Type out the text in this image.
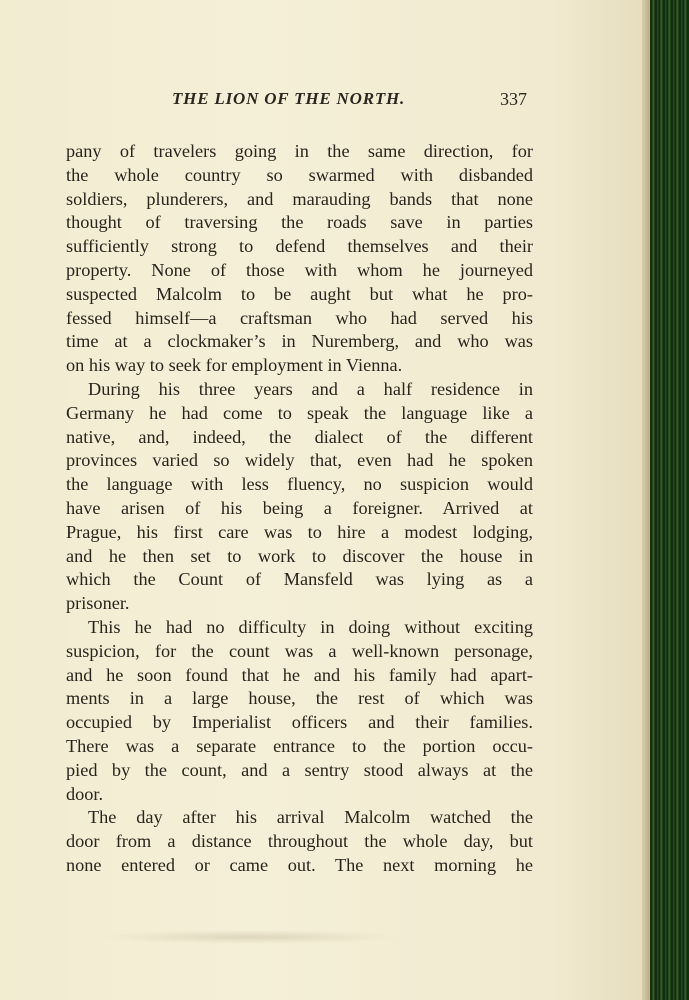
THE LION OF THE NORTH.	337
pany of travelers going in the same direction, for
the whole country so swarmed with disbanded
soldiers, plunderers, and marauding bands that none
thought of traversing the roads save in parties
sufficiently strong to defend themselves and their
property. None of those with whom he journeyed
suspected Malcolm to be aught but what he pro-
fessed himself—a craftsman who had served his
time at a clockmaker’s in Nuremberg, and who was
on his way to seek for employment in Vienna.
During his three years and a half residence in
Germany he had come to speak the language like a
native, and, indeed, the dialect of the different
provinces varied so widely that, even had he spoken
the language with less fluency, no suspicion would
have arisen of his being a foreigner. Arrived at
Prague, his first care was to hire a modest lodging,
and he then set to work to discover the house in
which the Count of Mansfeld was lying as a
prisoner.
This he had no difficulty in doing without exciting
suspicion, for the count was a well-known personage,
and he soon found that he and his family had apart-
ments in a large house, the rest of which was
occupied by Imperialist officers and their families.
There was a separate entrance to the portion occu-
pied by the count, and a sentry stood always at the
door.
The day after his arrival Malcolm watched the
door from a distance throughout the whole day, but
none entered or came out. The next morning he
